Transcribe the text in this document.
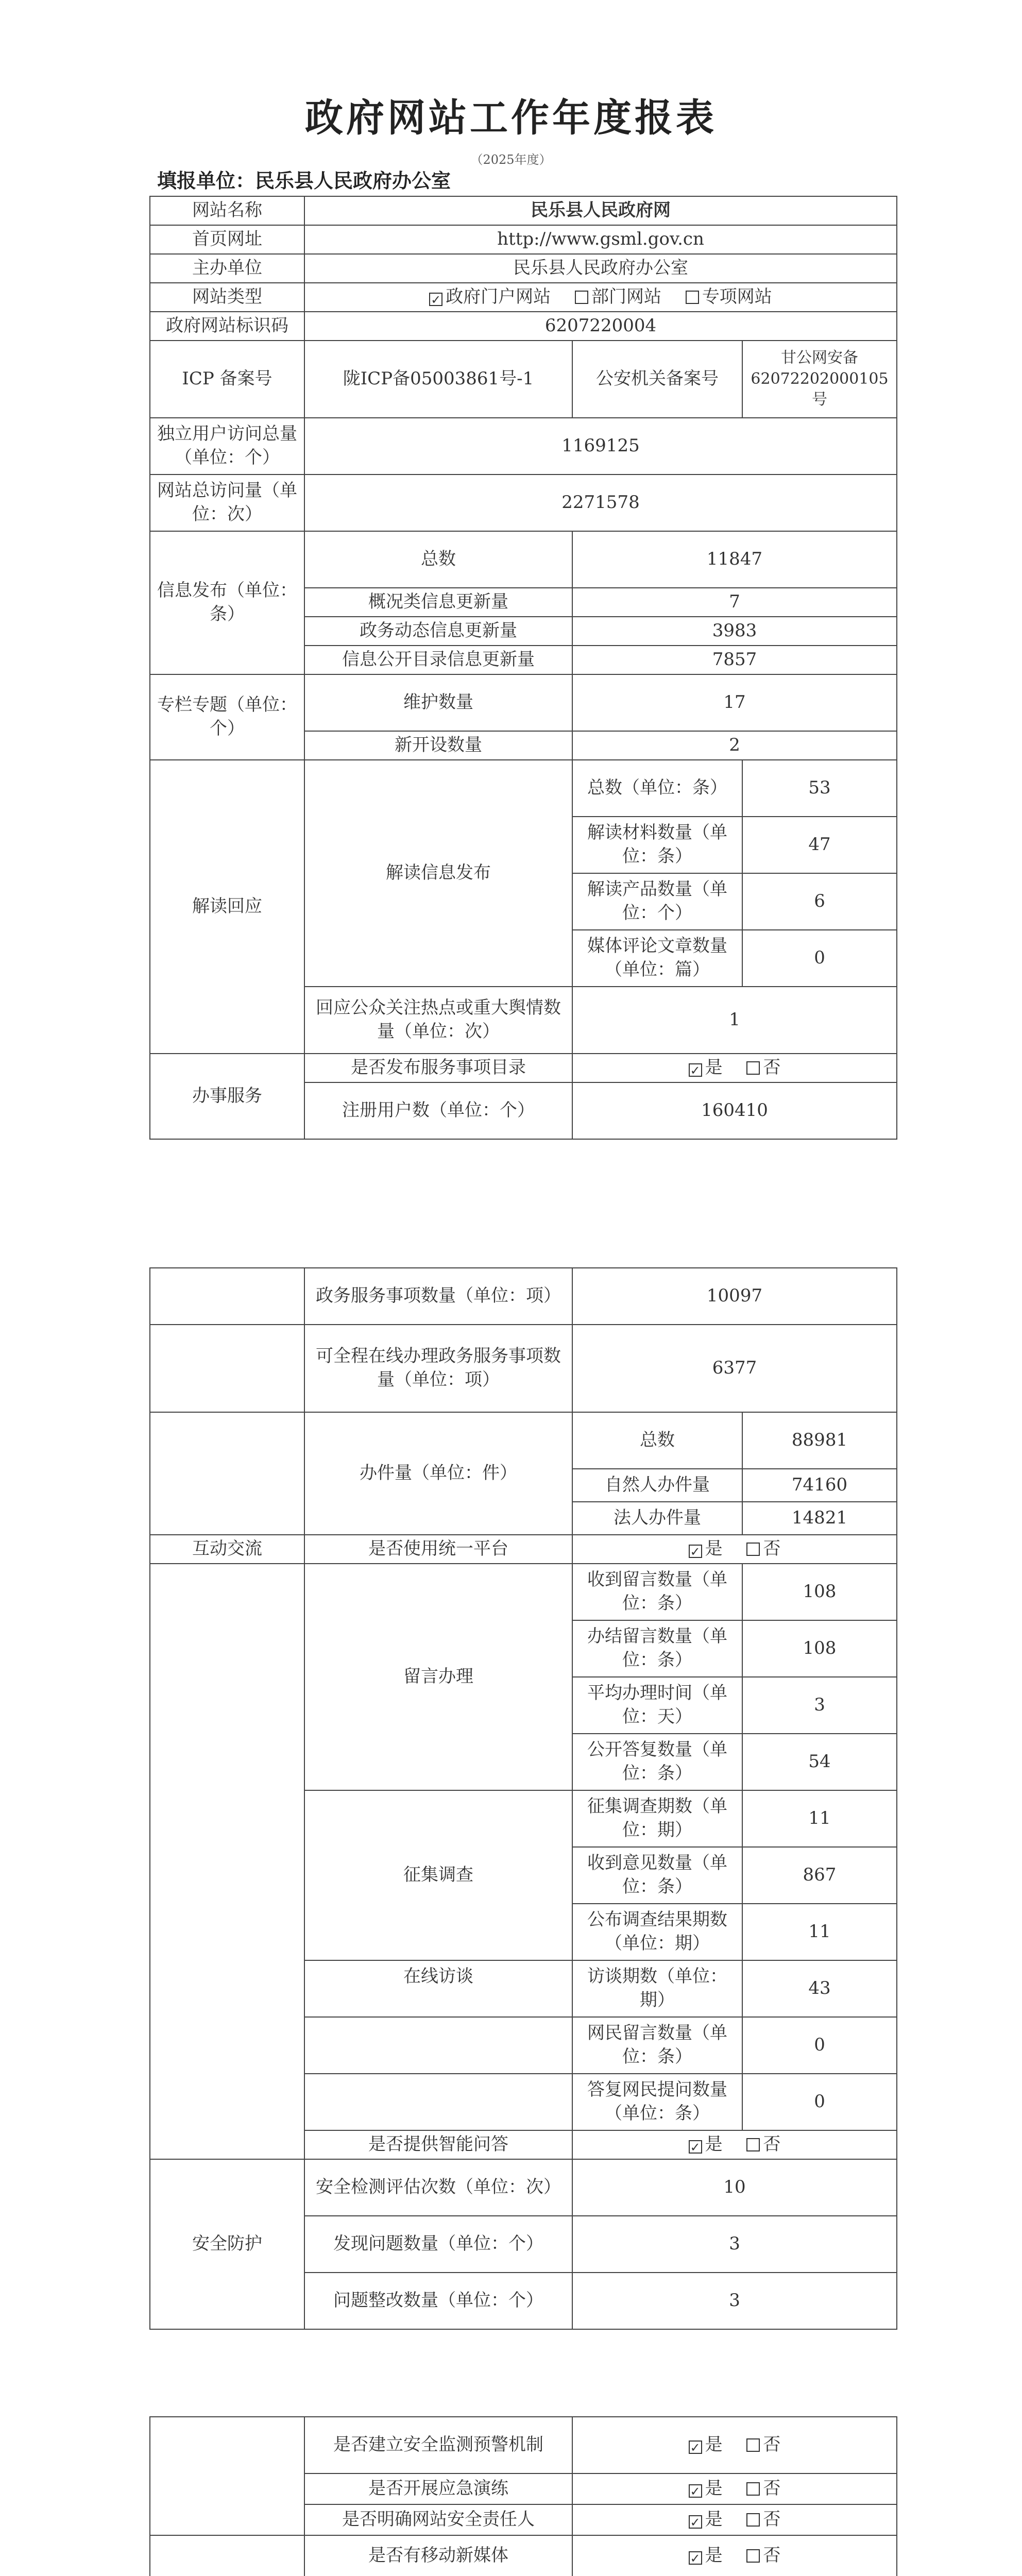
政府网站工作年度报表
（2025年度）
填报单位：民乐县人民政府办公室
网站名称	民乐县人民政府网		
首页网址	http://www.gsml.gov.cn		
主办单位	民乐县人民政府办公室		
网站类型	✓ 政府门户网站 部门网站 专项网站		
政府网站标识码	6207220004		
ICP 备案号	陇ICP备05003861号-1	公安机关备案号	甘公网安备62072202000105号
独立用户访问总量（单位：个）	1169125		
网站总访问量（单位：次）	2271578		
信息发布（单位：条）	总数	11847	
	概况类信息更新量	7	
	政务动态信息更新量	3983	
	信息公开目录信息更新量	7857	
专栏专题（单位：个）	维护数量	17	
	新开设数量	2	
解读回应	解读信息发布	总数（单位：条）	53
		解读材料数量（单位：条）	47
		解读产品数量（单位：个）	6
		媒体评论文章数量（单位：篇）	0
	回应公众关注热点或重大舆情数量（单位：次）	1	
办事服务	是否发布服务事项目录	✓ 是 否	
	注册用户数（单位：个）	160410	
	政务服务事项数量（单位：项）	10097	
	可全程在线办理政务服务事项数量（单位：项）	6377	
	办件量（单位：件）	总数	88981
		自然人办件量	74160
		法人办件量	14821
互动交流	是否使用统一平台	✓ 是 否	
	留言办理	收到留言数量（单位：条）	108
		办结留言数量（单位：条）	108
		平均办理时间（单位：天）	3
		公开答复数量（单位：条）	54
	征集调查	征集调查期数（单位：期）	11
		收到意见数量（单位：条）	867
		公布调查结果期数（单位：期）	11
	在线访谈	访谈期数（单位：期）	43
		网民留言数量（单位：条）	0
		答复网民提问数量（单位：条）	0
	是否提供智能问答	✓ 是 否	
安全防护	安全检测评估次数（单位：次）	10	
	发现问题数量（单位：个）	3	
	问题整改数量（单位：个）	3	
	是否建立安全监测预警机制	✓ 是 否	
	是否开展应急演练	✓ 是 否	
	是否明确网站安全责任人	✓ 是 否	
	是否有移动新媒体	✓ 是 否	
